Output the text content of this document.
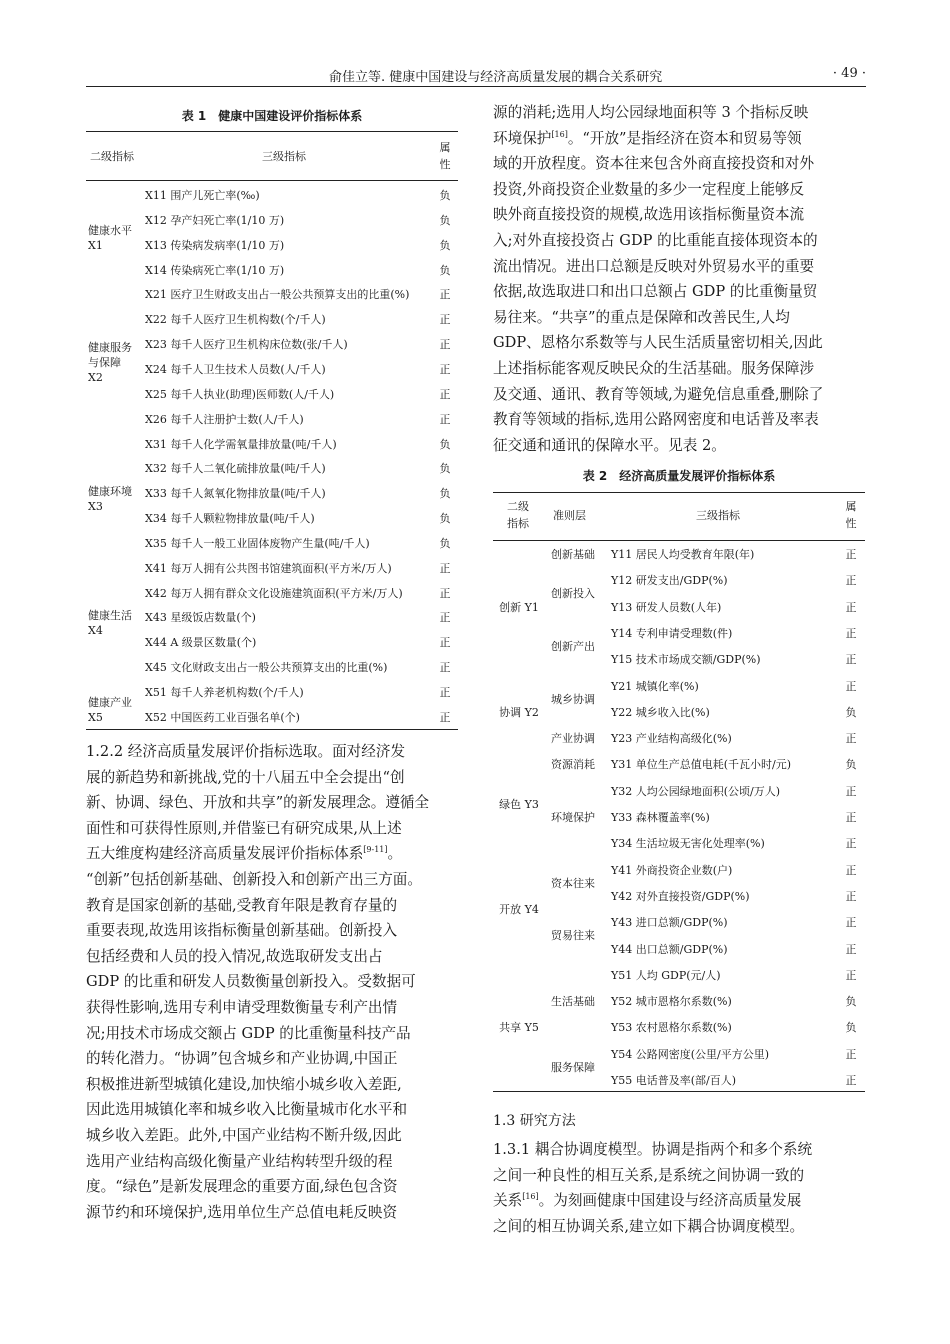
俞佳立等. 健康中国建设与经济高质量发展的耦合关系研究	· 49 ·
表 1　健康中国建设评价指标体系
二级指标	三级指标
属
性
健康水平
X1
X11 围产儿死亡率(‰)	负
X12 孕产妇死亡率(1/10 万)	负
X13 传染病发病率(1/10 万)	负
X14 传染病死亡率(1/10 万)	负
健康服务
与保障
X2
X21 医疗卫生财政支出占一般公共预算支出的比重(%)	正
X22 每千人医疗卫生机构数(个/千人)	正
X23 每千人医疗卫生机构床位数(张/千人)	正
X24 每千人卫生技术人员数(人/千人)	正
X25 每千人执业(助理)医师数(人/千人)	正
X26 每千人注册护士数(人/千人)	正
健康环境
X3
X31 每千人化学需氧量排放量(吨/千人)	负
X32 每千人二氧化硫排放量(吨/千人)	负
X33 每千人氮氧化物排放量(吨/千人)	负
X34 每千人颗粒物排放量(吨/千人)	负
X35 每千人一般工业固体废物产生量(吨/千人)	负
健康生活
X4
X41 每万人拥有公共图书馆建筑面积(平方米/万人)	正
X42 每万人拥有群众文化设施建筑面积(平方米/万人)	正
X43 星级饭店数量(个)	正
X44 A 级景区数量(个)	正
X45 文化财政支出占一般公共预算支出的比重(%)	正
健康产业
X5
X51 每千人养老机构数(个/千人)	正
X52 中国医药工业百强名单(个)	正

1.2.2 经济高质量发展评价指标选取。面对经济发

展的新趋势和新挑战,党的十八届五中全会提出“创

新、协调、绿色、开放和共享”的新发展理念。遵循全

面性和可获得性原则,并借鉴已有研究成果,从上述

五大维度构建经济高质量发展评价指标体系[9-11]。

“创新”包括创新基础、创新投入和创新产出三方面。

教育是国家创新的基础,受教育年限是教育存量的

重要表现,故选用该指标衡量创新基础。创新投入

包括经费和人员的投入情况,故选取研发支出占

GDP 的比重和研发人员数衡量创新投入。受数据可

获得性影响,选用专利申请受理数衡量专利产出情

况;用技术市场成交额占 GDP 的比重衡量科技产品

的转化潜力。“协调”包含城乡和产业协调,中国正

积极推进新型城镇化建设,加快缩小城乡收入差距,

因此选用城镇化率和城乡收入比衡量城市化水平和

城乡收入差距。此外,中国产业结构不断升级,因此

选用产业结构高级化衡量产业结构转型升级的程

度。“绿色”是新发展理念的重要方面,绿色包含资

源节约和环境保护,选用单位生产总值电耗反映资

源的消耗;选用人均公园绿地面积等 3 个指标反映

环境保护[16]。“开放”是指经济在资本和贸易等领

域的开放程度。资本往来包含外商直接投资和对外

投资,外商投资企业数量的多少一定程度上能够反

映外商直接投资的规模,故选用该指标衡量资本流

入;对外直接投资占 GDP 的比重能直接体现资本的

流出情况。进出口总额是反映对外贸易水平的重要

依据,故选取进口和出口总额占 GDP 的比重衡量贸

易往来。“共享”的重点是保障和改善民生,人均

GDP、恩格尔系数等与人民生活质量密切相关,因此

上述指标能客观反映民众的生活基础。服务保障涉

及交通、通讯、教育等领域,为避免信息重叠,删除了

教育等领域的指标,选用公路网密度和电话普及率表

征交通和通讯的保障水平。见表 2。

表 2　经济高质量发展评价指标体系
二级
指标
准则层	三级指标
属
性
创新 Y1
创新基础 Y11 居民人均受教育年限(年)	正
创新投入
Y12 研发支出/GDP(%)	正
Y13 研发人员数(人年)	正
创新产出
Y14 专利申请受理数(件)	正
Y15 技术市场成交额/GDP(%)	正
协调 Y2
城乡协调
Y21 城镇化率(%)	正
Y22 城乡收入比(%)	负
产业协调 Y23 产业结构高级化(%)	正
绿色 Y3
资源消耗 Y31 单位生产总值电耗(千瓦小时/元)	负
环境保护
Y32 人均公园绿地面积(公顷/万人)	正
Y33 森林覆盖率(%)	正
Y34 生活垃圾无害化处理率(%)	正
开放 Y4
资本往来
Y41 外商投资企业数(户)	正
Y42 对外直接投资/GDP(%)	正
贸易往来
Y43 进口总额/GDP(%)	正
Y44 出口总额/GDP(%)	正
共享 Y5
生活基础
Y51 人均 GDP(元/人)	正
Y52 城市恩格尔系数(%)	负
Y53 农村恩格尔系数(%)	负
服务保障
Y54 公路网密度(公里/平方公里)	正
Y55 电话普及率(部/百人)	正
1.3 研究方法

1.3.1 耦合协调度模型。协调是指两个和多个系统

之间一种良性的相互关系,是系统之间协调一致的

关系[16]。为刻画健康中国建设与经济高质量发展

之间的相互协调关系,建立如下耦合协调度模型。
